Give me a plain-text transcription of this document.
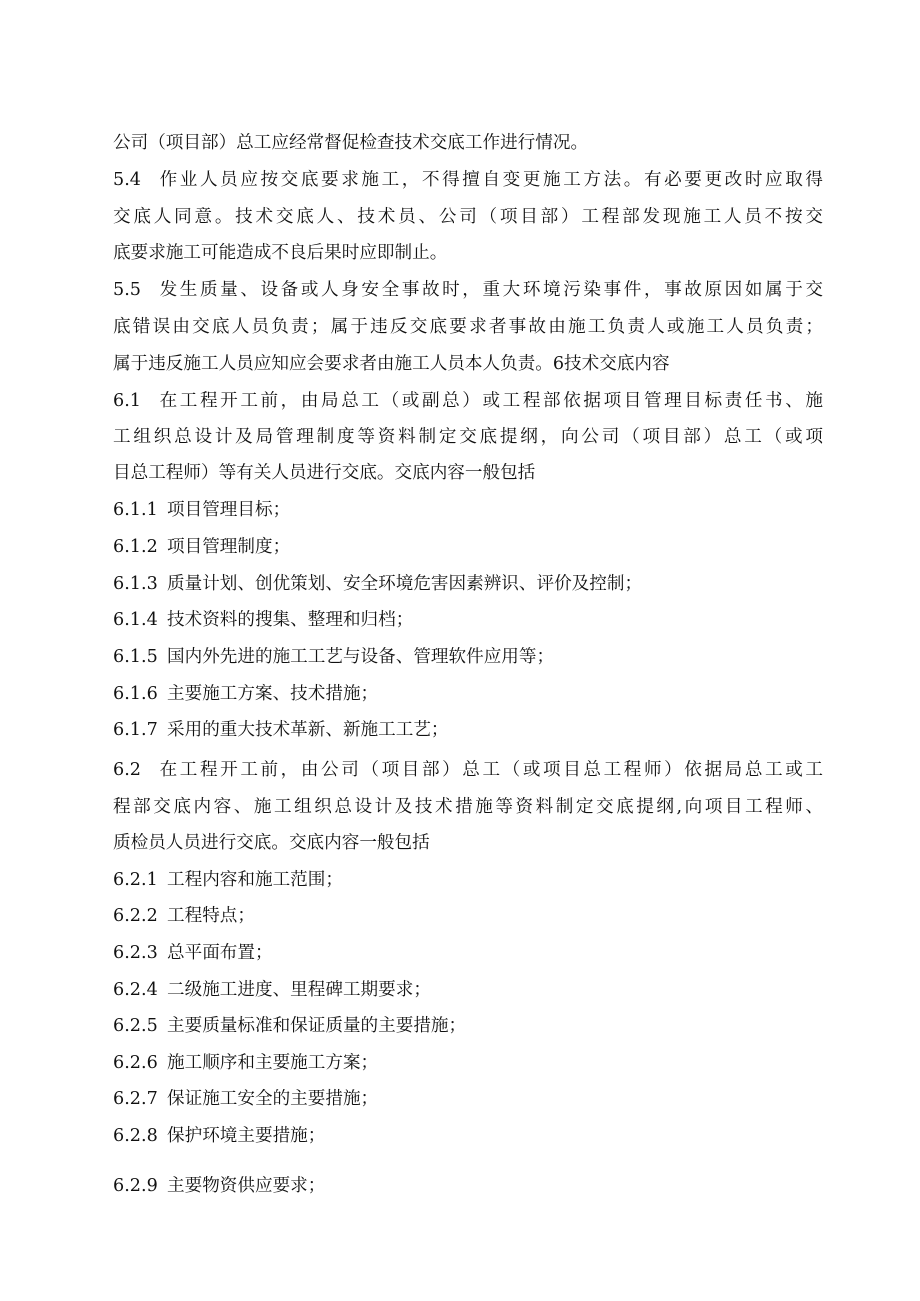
公司（项目部）总工应经常督促检查技术交底工作进行情况。
5.4 作业人员应按交底要求施工，不得擅自变更施工方法。有必要更改时应取得
交底人同意。技术交底人、技术员、公司（项目部）工程部发现施工人员不按交
底要求施工可能造成不良后果时应即制止。
5.5 发生质量、设备或人身安全事故时，重大环境污染事件，事故原因如属于交
底错误由交底人员负责；属于违反交底要求者事故由施工负责人或施工人员负责；
属于违反施工人员应知应会要求者由施工人员本人负责。6技术交底内容
6.1 在工程开工前，由局总工（或副总）或工程部依据项目管理目标责任书、施
工组织总设计及局管理制度等资料制定交底提纲，向公司（项目部）总工（或项
目总工程师）等有关人员进行交底。交底内容一般包括
6.1.1 项目管理目标；
6.1.2 项目管理制度；
6.1.3 质量计划、创优策划、安全环境危害因素辨识、评价及控制；
6.1.4 技术资料的搜集、整理和归档；
6.1.5 国内外先进的施工工艺与设备、管理软件应用等；
6.1.6 主要施工方案、技术措施；
6.1.7 采用的重大技术革新、新施工工艺；
6.2 在工程开工前，由公司（项目部）总工（或项目总工程师）依据局总工或工
程部交底内容、施工组织总设计及技术措施等资料制定交底提纲,向项目工程师、
质检员人员进行交底。交底内容一般包括
6.2.1 工程内容和施工范围；
6.2.2 工程特点；
6.2.3 总平面布置；
6.2.4 二级施工进度、里程碑工期要求；
6.2.5 主要质量标准和保证质量的主要措施；
6.2.6 施工顺序和主要施工方案；
6.2.7 保证施工安全的主要措施；
6.2.8 保护环境主要措施；
6.2.9 主要物资供应要求；
